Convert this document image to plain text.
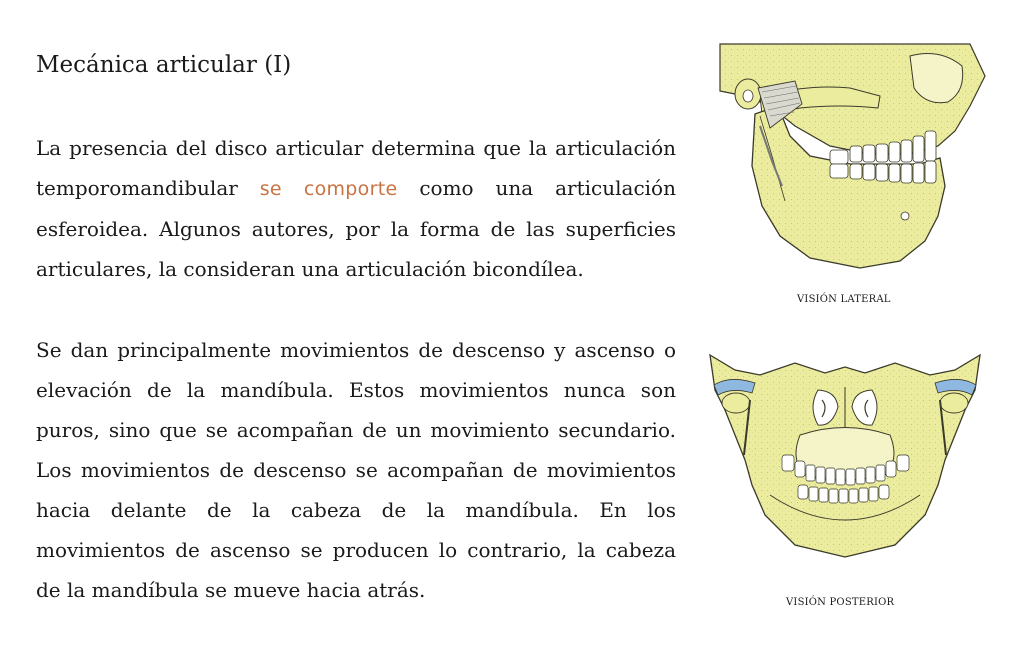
Mecánica articular (I)

La presencia del disco articular determina que la articulación temporomandibular se comporte como una articulación esferoidea. Algunos autores, por la forma de las superficies articulares, la consideran una articulación bicondílea.

Se dan principalmente movimientos de descenso y ascenso o elevación de la mandíbula. Estos movimientos nunca son puros, sino que se acompañan de un movimiento secundario. Los movimientos de descenso se acompañan de movimientos hacia delante de la cabeza de la mandíbula. En los movimientos de ascenso se producen lo contrario, la cabeza de la mandíbula se mueve hacia atrás.

VISIÓN LATERAL
VISIÓN POSTERIOR
